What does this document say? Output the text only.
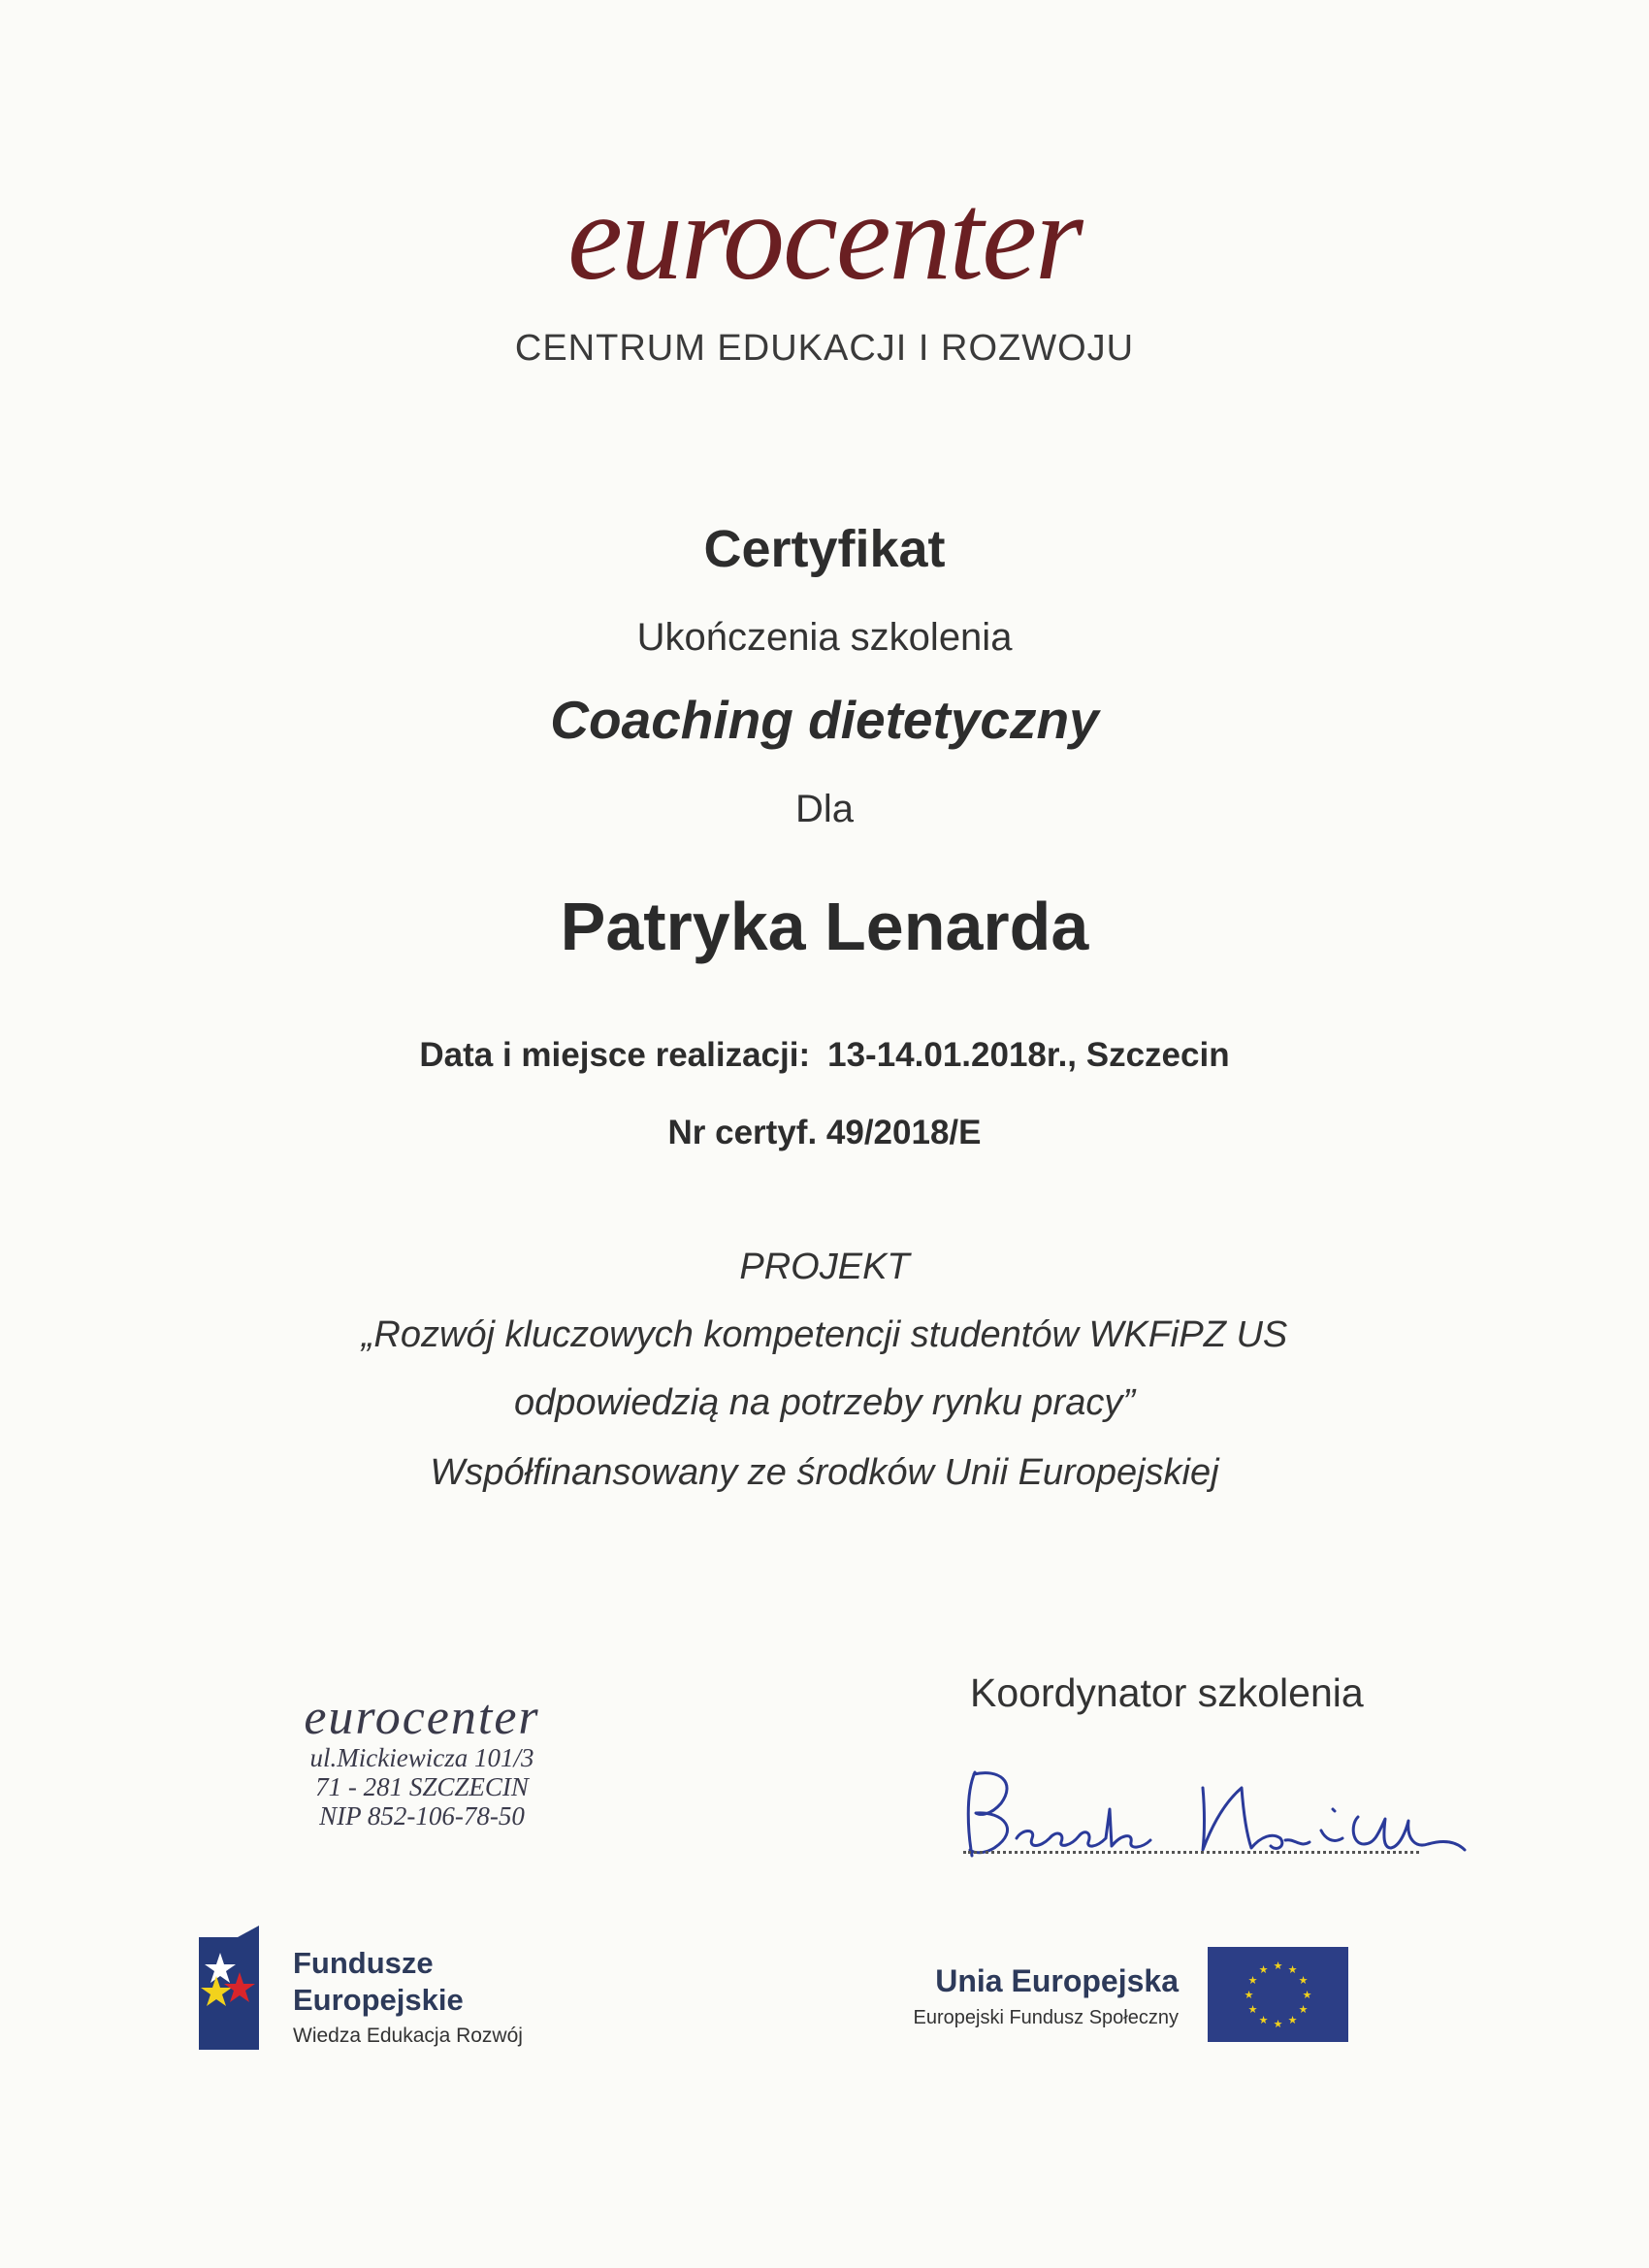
eurocenter
CENTRUM EDUKACJI I ROZWOJU
Certyfikat
Ukończenia szkolenia
Coaching dietetyczny
Dla
Patryka Lenarda
Data i miejsce realizacji: 13-14.01.2018r., Szczecin
Nr certyf. 49/2018/E
PROJEKT
„Rozwój kluczowych kompetencji studentów WKFiPZ US
odpowiedzią na potrzeby rynku pracy”
Współfinansowany ze środków Unii Europejskiej
eurocenter
ul.Mickiewicza 101/3
71 - 281 SZCZECIN
NIP 852-106-78-50
Koordynator szkolenia
Fundusze
Europejskie
Wiedza Edukacja Rozwój
Unia Europejska
Europejski Fundusz Społeczny
★ ★
★
★
★
★
★
★
★
★
★
★
